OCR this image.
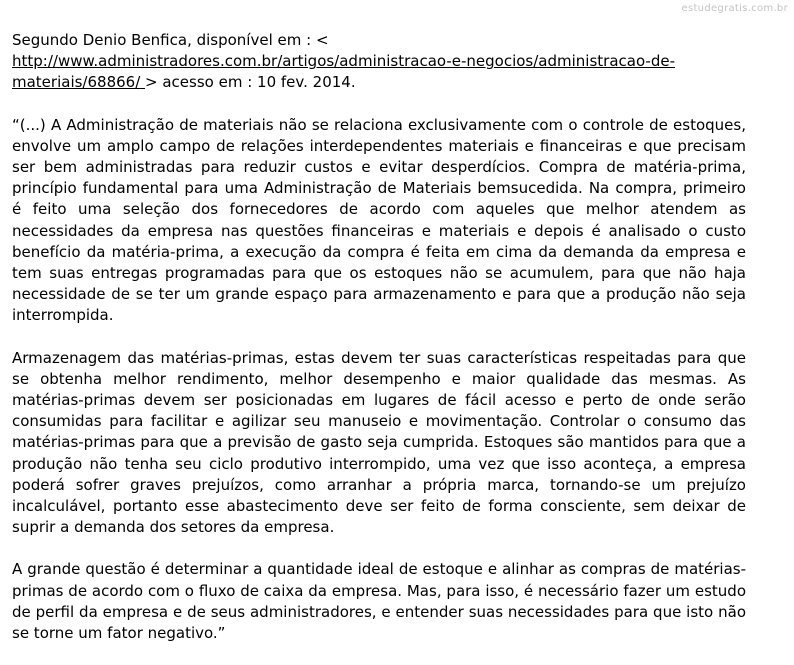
estudegratis.com.br

Segundo Denio Benfica, disponível em : <
http://www.administradores.com.br/artigos/administracao-e-negocios/administracao-de-
materiais/68866/ > acesso em : 10 fev. 2014.

“(...) A Administração de materiais não se relaciona exclusivamente com o controle de estoques, envolve um amplo campo de relações interdependentes materiais e financeiras e que precisam ser bem administradas para reduzir custos e evitar desperdícios. Compra de matéria-prima, princípio fundamental para uma Administração de Materiais bemsucedida. Na compra, primeiro é feito uma seleção dos fornecedores de acordo com aqueles que melhor atendem as necessidades da empresa nas questões financeiras e materiais e depois é analisado o custo benefício da matéria-prima, a execução da compra é feita em cima da demanda da empresa e tem suas entregas programadas para que os estoques não se acumulem, para que não haja necessidade de se ter um grande espaço para armazenamento e para que a produção não seja interrompida.

Armazenagem das matérias-primas, estas devem ter suas características respeitadas para que se obtenha melhor rendimento, melhor desempenho e maior qualidade das mesmas. As matérias-primas devem ser posicionadas em lugares de fácil acesso e perto de onde serão consumidas para facilitar e agilizar seu manuseio e movimentação. Controlar o consumo das matérias-primas para que a previsão de gasto seja cumprida. Estoques são mantidos para que a produção não tenha seu ciclo produtivo interrompido, uma vez que isso aconteça, a empresa poderá sofrer graves prejuízos, como arranhar a própria marca, tornando-se um prejuízo incalculável, portanto esse abastecimento deve ser feito de forma consciente, sem deixar de suprir a demanda dos setores da empresa.

A grande questão é determinar a quantidade ideal de estoque e alinhar as compras de matérias-primas de acordo com o fluxo de caixa da empresa. Mas, para isso, é necessário fazer um estudo de perfil da empresa e de seus administradores, e entender suas necessidades para que isto não se torne um fator negativo.”
